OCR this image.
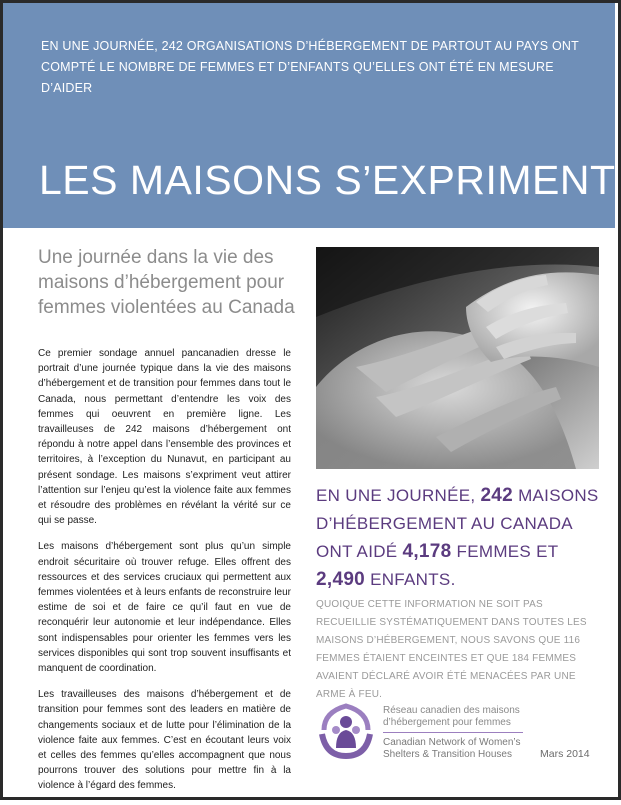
EN UNE JOURNÉE, 242 ORGANISATIONS D’HÉBERGEMENT DE PARTOUT AU PAYS ONT COMPTÉ LE NOMBRE DE FEMMES ET D’ENFANTS QU’ELLES ONT ÉTÉ EN MESURE D’AIDER
LES MAISONS S’EXPRIMENT
Une journée dans la vie des maisons d’hébergement pour femmes violentées au Canada

Ce premier sondage annuel pancanadien dresse le portrait d’une journée typique dans la vie des maisons d’hébergement et de transition pour femmes dans tout le Canada, nous permettant d’entendre les voix des femmes qui oeuvrent en première ligne. Les travailleuses de 242 maisons d’hébergement ont répondu à notre appel dans l’ensemble des provinces et territoires, à l’exception du Nunavut, en participant au présent sondage. Les maisons s’expriment veut attirer l’attention sur l’enjeu qu’est la violence faite aux femmes et résoudre des problèmes en révélant la vérité sur ce qui se passe.

Les maisons d’hébergement sont plus qu’un simple endroit sécuritaire où trouver refuge. Elles offrent des ressources et des services cruciaux qui permettent aux femmes violentées et à leurs enfants de reconstruire leur estime de soi et de faire ce qu’il faut en vue de reconquérir leur autonomie et leur indépendance. Elles sont indispensables pour orienter les femmes vers les services disponibles qui sont trop souvent insuffisants et manquent de coordination.

Les travailleuses des maisons d’hébergement et de transition pour femmes sont des leaders en matière de changements sociaux et de lutte pour l’élimination de la violence faite aux femmes. C’est en écoutant leurs voix et celles des femmes qu’elles accompagnent que nous pourrons trouver des solutions pour mettre fin à la violence à l’égard des femmes.

EN UNE JOURNÉE, 242 MAISONS D’HÉBERGEMENT AU CANADA ONT AIDÉ 4,178 FEMMES ET 2,490 ENFANTS.
QUOIQUE CETTE INFORMATION NE SOIT PAS RECUEILLIE SYSTÉMATIQUEMENT DANS TOUTES LES MAISONS D’HÉBERGEMENT, NOUS SAVONS QUE 116 FEMMES ÉTAIENT ENCEINTES ET QUE 184 FEMMES AVAIENT DÉCLARÉ AVOIR ÉTÉ MENACÉES PAR UNE ARME À FEU.
Réseau canadien des maisons
d’hébergement pour femmes
Canadian Network of Women’s
Shelters & Transition Houses	Mars 2014
